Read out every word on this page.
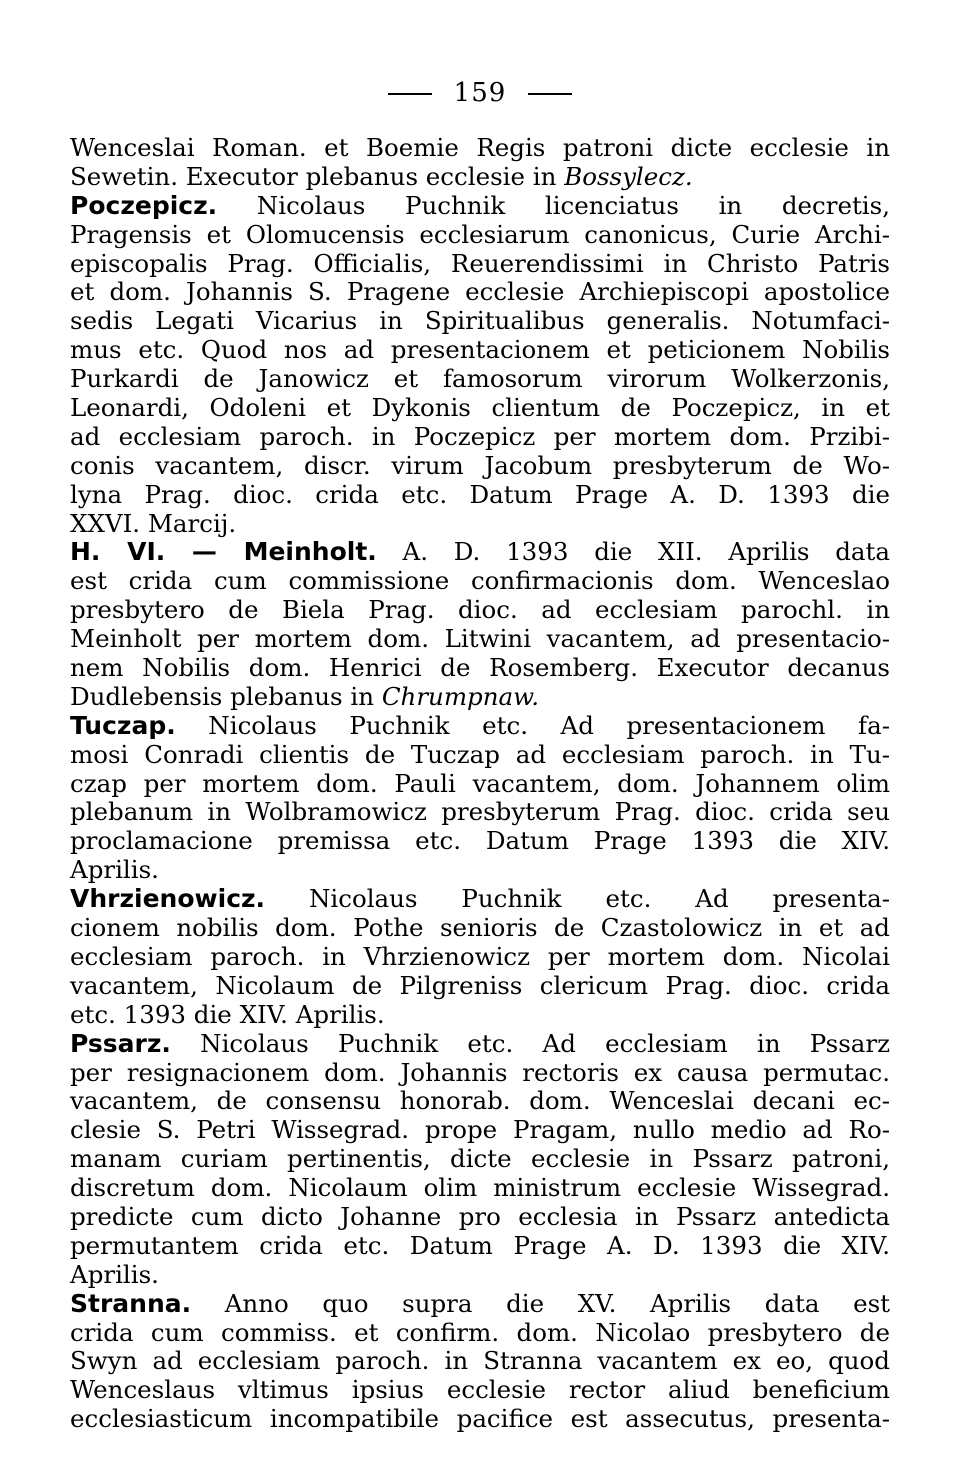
159
Wenceslai Roman. et Boemie Regis patroni dicte ecclesie in
Sewetin. Executor plebanus ecclesie in Bossylecz.
Poczepicz. Nicolaus Puchnik licenciatus in decretis,
Pragensis et Olomucensis ecclesiarum canonicus, Curie Archi-
episcopalis Prag. Officialis, Reuerendissimi in Christo Patris
et dom. Johannis S. Pragene ecclesie Archiepiscopi apostolice
sedis Legati Vicarius in Spiritualibus generalis. Notumfaci-
mus etc. Quod nos ad presentacionem et peticionem Nobilis
Purkardi de Janowicz et famosorum virorum Wolkerzonis,
Leonardi, Odoleni et Dykonis clientum de Poczepicz, in et
ad ecclesiam paroch. in Poczepicz per mortem dom. Przibi-
conis vacantem, discr. virum Jacobum presbyterum de Wo-
lyna Prag. dioc. crida etc. Datum Prage A. D. 1393 die
XXVI. Marcij.
H. VI. — Meinholt. A. D. 1393 die XII. Aprilis data
est crida cum commissione confirmacionis dom. Wenceslao
presbytero de Biela Prag. dioc. ad ecclesiam parochl. in
Meinholt per mortem dom. Litwini vacantem, ad presentacio-
nem Nobilis dom. Henrici de Rosemberg. Executor decanus
Dudlebensis plebanus in Chrumpnaw.
Tuczap. Nicolaus Puchnik etc. Ad presentacionem fa-
mosi Conradi clientis de Tuczap ad ecclesiam paroch. in Tu-
czap per mortem dom. Pauli vacantem, dom. Johannem olim
plebanum in Wolbramowicz presbyterum Prag. dioc. crida seu
proclamacione premissa etc. Datum Prage 1393 die XIV.
Aprilis.
Vhrzienowicz. Nicolaus Puchnik etc. Ad presenta-
cionem nobilis dom. Pothe senioris de Czastolowicz in et ad
ecclesiam paroch. in Vhrzienowicz per mortem dom. Nicolai
vacantem, Nicolaum de Pilgreniss clericum Prag. dioc. crida
etc. 1393 die XIV. Aprilis.
Pssarz. Nicolaus Puchnik etc. Ad ecclesiam in Pssarz
per resignacionem dom. Johannis rectoris ex causa permutac.
vacantem, de consensu honorab. dom. Wenceslai decani ec-
clesie S. Petri Wissegrad. prope Pragam, nullo medio ad Ro-
manam curiam pertinentis, dicte ecclesie in Pssarz patroni,
discretum dom. Nicolaum olim ministrum ecclesie Wissegrad.
predicte cum dicto Johanne pro ecclesia in Pssarz antedicta
permutantem crida etc. Datum Prage A. D. 1393 die XIV.
Aprilis.
Stranna. Anno quo supra die XV. Aprilis data est
crida cum commiss. et confirm. dom. Nicolao presbytero de
Swyn ad ecclesiam paroch. in Stranna vacantem ex eo, quod
Wenceslaus vltimus ipsius ecclesie rector aliud beneficium
ecclesiasticum incompatibile pacifice est assecutus, presenta-
